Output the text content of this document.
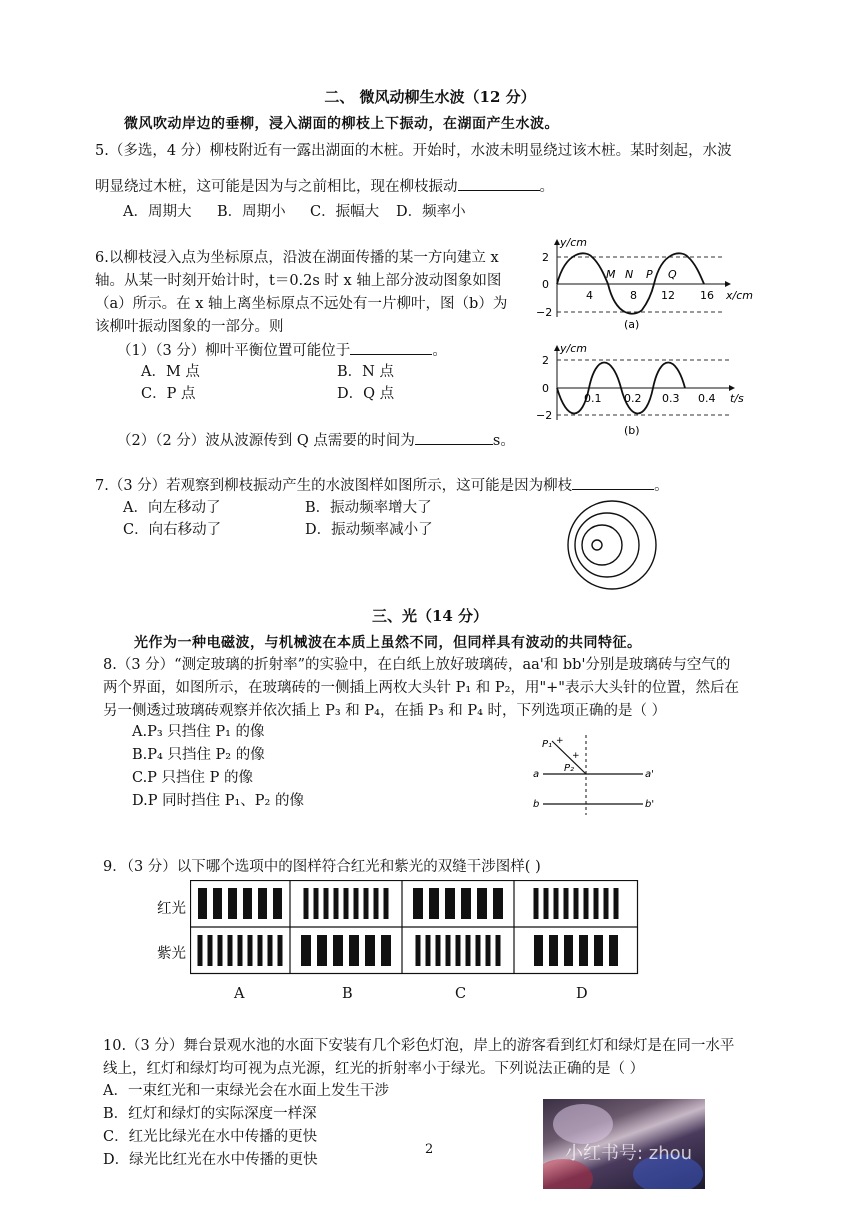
二、 微风动柳生水波（12 分）
微风吹动岸边的垂柳，浸入湖面的柳枝上下振动，在湖面产生水波。
5.（多选，4 分）柳枝附近有一露出湖面的木桩。开始时，水波未明显绕过该木桩。某时刻起，水波
明显绕过木桩，这可能是因为与之前相比，现在柳枝振动	。
A．周期大 B．周期小 C．振幅大 D．频率小
6.以柳枝浸入点为坐标原点，沿波在湖面传播的某一方向建立 x
轴。从某一时刻开始计时，t＝0.2s 时 x 轴上部分波动图象如图
（a）所示。在 x 轴上离坐标原点不远处有一片柳叶，图（b）为
该柳叶振动图象的一部分。则
（1）（3 分）柳叶平衡位置可能位于	。
A．M 点	B．N 点
C．P 点	D．Q 点
（2）（2 分）波从波源传到 Q 点需要的时间为	s。
y/cm
2
0
−2
4	8 12 16
M N P Q
x/cm
(a)
y/cm
2
0
−2
0.1 0.2 0.3 0.4 t/s
(b)
7.（3 分）若观察到柳枝振动产生的水波图样如图所示，这可能是因为柳枝	。
A．向左移动了	B．振动频率增大了
C．向右移动了	D．振动频率减小了
三、光（14 分）
光作为一种电磁波，与机械波在本质上虽然不同，但同样具有波动的共同特征。
8.（3 分）“测定玻璃的折射率”的实验中，在白纸上放好玻璃砖，aa'和 bb'分别是玻璃砖与空气的
两个界面，如图所示，在玻璃砖的一侧插上两枚大头针 P₁ 和 P₂，用"+"表示大头针的位置，然后在
另一侧透过玻璃砖观察并依次插上 P₃ 和 P₄，在插 P₃ 和 P₄ 时，下列选项正确的是（ ）
A.P₃ 只挡住 P₁ 的像
B.P₄ 只挡住 P₂ 的像
C.P 只挡住 P 的像
D.P 同时挡住 P₁、P₂ 的像
+
+
P₁
P₂
a	a'
b	b'
9．（3 分）以下哪个选项中的图样符合红光和紫光的双缝干涉图样( )
红光
紫光
A	B	C	D
10.（3 分）舞台景观水池的水面下安装有几个彩色灯泡，岸上的游客看到红灯和绿灯是在同一水平
线上，红灯和绿灯均可视为点光源，红光的折射率小于绿光。下列说法正确的是（ ）
A．一束红光和一束绿光会在水面上发生干涉
B．红灯和绿灯的实际深度一样深
C．红光比绿光在水中传播的更快
D．绿光比红光在水中传播的更快
2	小红书号: zhou
